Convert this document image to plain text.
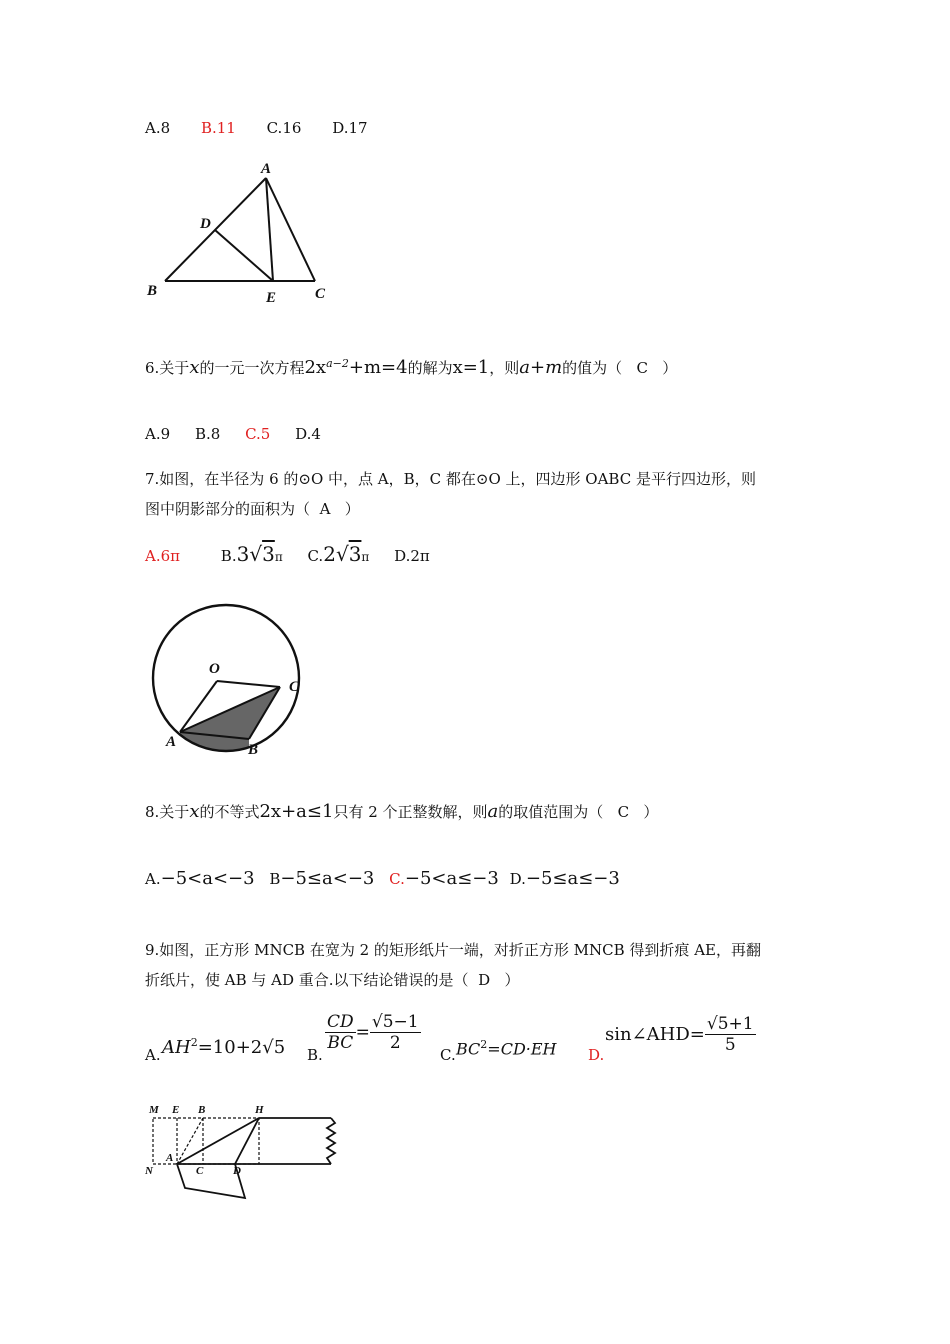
A.8 B.11 C.16 D.17
A
D
B	E	C
6.关于x的一元一次方程$2x^{a-2}+m=4$的解为x=1，则a+m的值为（ C ）
A.9 B.8 C.5 D.4
7.如图，在半径为 6 的⊙O 中，点 A，B，C 都在⊙O 上，四边形 OABC 是平行四边形，则
图中阴影部分的面积为（ A ）
A.6π	B.3√3π C.2√3π D.2π
O
C
A	B
8.关于x的不等式2x+a≤1只有 2 个正整数解，则a的取值范围为（ C ）
A.−5<a<−3 B−5≤a<−3 C.−5<a≤−3 D.−5≤a≤−3
9.如图，正方形 MNCB 在宽为 2 的矩形纸片一端，对折正方形 MNCB 得到折痕 AE，再翻
折纸片，使 AB 与 AD 重合.以下结论错误的是（ D ）
A. $AH^2=10+2√5$ B.
$\frac{CD}{BC} = \frac{√5-1}{2}$
C. $BC^2=CD\cdot EH$ D.
sin∠AHD= $\frac{√5+1}{5}$
M E B	H
N
A
C	D
